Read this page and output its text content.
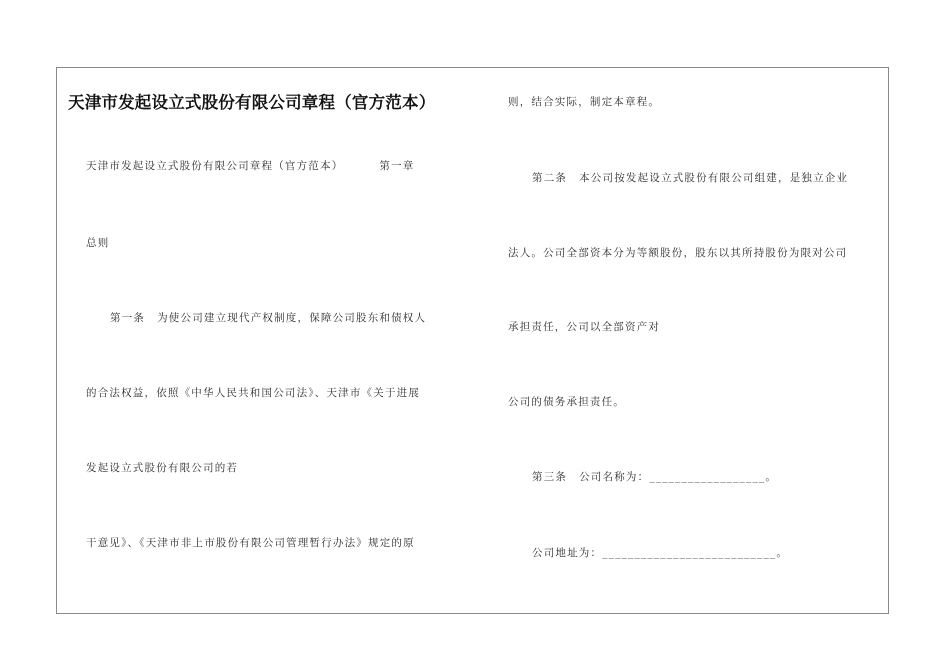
天津市发起设立式股份有限公司章程（官方范本）
天津市发起设立式股份有限公司章程（官方范本）	第一章
总则
第一条 为使公司建立现代产权制度，保障公司股东和债权人
的合法权益，依照《中华人民共和国公司法》、天津市《关于进展
发起设立式股份有限公司的若
干意见》、《天津市非上市股份有限公司管理暂行办法》规定的原
则，结合实际，制定本章程。
第二条 本公司按发起设立式股份有限公司组建，是独立企业
法人。公司全部资本分为等额股份，股东以其所持股份为限对公司
承担责任，公司以全部资产对
公司的债务承担责任。
第三条 公司名称为：__________________。
公司地址为：___________________________。
